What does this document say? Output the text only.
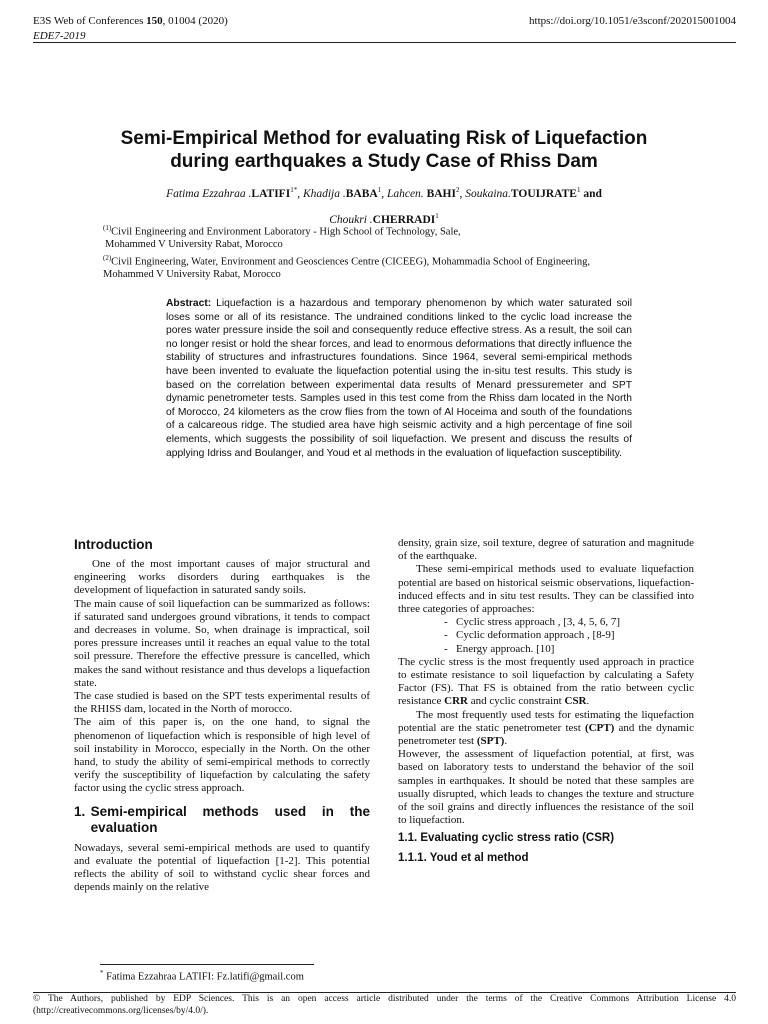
E3S Web of Conferences 150, 01004 (2020)
EDE7-2019
https://doi.org/10.1051/e3sconf/202015001004
Semi-Empirical Method for evaluating Risk of Liquefaction
during earthquakes a Study Case of Rhiss Dam
Fatima Ezzahraa $.LATIFI^{1*}$, Khadija .BABA$^1$, Lahcen. BAHI$^2$, Soukaina.TOUIJRATE$^1$ and
Choukri .CHERRADI$^1$
$^{(1)}$Civil Engineering and Environment Laboratory - High School of Technology, Sale,
Mohammed V University Rabat, Morocco
$^{(2)}$Civil Engineering, Water, Environment and Geosciences Centre (CICEEG), Mohammadia School of Engineering,
Mohammed V University Rabat, Morocco
Abstract: Liquefaction is a hazardous and temporary phenomenon by which water saturated soil loses some or all of its resistance. The undrained conditions linked to the cyclic load increase the pores water pressure inside the soil and consequently reduce effective stress. As a result, the soil can no longer resist or hold the shear forces, and lead to enormous deformations that directly influence the stability of structures and infrastructures foundations. Since 1964, several semi-empirical methods have been invented to evaluate the liquefaction potential using the in-situ test results. This study is based on the correlation between experimental data results of Menard pressuremeter and SPT dynamic penetrometer tests. Samples used in this test come from the Rhiss dam located in the North of Morocco, 24 kilometers as the crow flies from the town of Al Hoceima and south of the foundations of a calcareous ridge. The studied area have high seismic activity and a high percentage of fine soil elements, which suggests the possibility of soil liquefaction. We present and discuss the results of applying Idriss and Boulanger, and Youd et al methods in the evaluation of liquefaction susceptibility.
Introduction

One of the most important causes of major structural and engineering works disorders during earthquakes is the development of liquefaction in saturated sandy soils.

The main cause of soil liquefaction can be summarized as follows: if saturated sand undergoes ground vibrations, it tends to compact and decreases in volume. So, when drainage is impractical, soil pores pressure increases until it reaches an equal value to the total soil pressure. Therefore the effective pressure is cancelled, which makes the sand without resistance and thus develops a liquefaction state.

The case studied is based on the SPT tests experimental results of the RHISS dam, located in the North of morocco.

The aim of this paper is, on the one hand, to signal the phenomenon of liquefaction which is responsible of high level of soil instability in Morocco, especially in the North. On the other hand, to study the ability of semi-empirical methods to correctly verify the susceptibility of liquefaction by calculating the safety factor using the cyclic stress approach.

1. Semi-empirical methods used in the evaluation

Nowadays, several semi-empirical methods are used to quantify and evaluate the potential of liquefaction [1-2]. This potential reflects the ability of soil to withstand cyclic shear forces and depends mainly on the relative

density, grain size, soil texture, degree of saturation and magnitude of the earthquake.

These semi-empirical methods used to evaluate liquefaction potential are based on historical seismic observations, liquefaction-induced effects and in situ test results. They can be classified into three categories of approaches:

- Cyclic stress approach , [3, 4, 5, 6, 7]
- Cyclic deformation approach , [8-9]
- Energy approach. [10]

The cyclic stress is the most frequently used approach in practice to estimate resistance to soil liquefaction by calculating a Safety Factor (FS). That FS is obtained from the ratio between cyclic resistance CRR and cyclic constraint CSR.

The most frequently used tests for estimating the liquefaction potential are the static penetrometer test (CPT) and the dynamic penetrometer test (SPT).

However, the assessment of liquefaction potential, at first, was based on laboratory tests to understand the behavior of the soil samples in earthquakes. It should be noted that these samples are usually disrupted, which leads to changes the texture and structure of the soil grains and directly influences the resistance of the soil to liquefaction.

1.1. Evaluating cyclic stress ratio (CSR)
1.1.1. Youd et al method
* Fatima Ezzahraa LATIFI: Fz.latifi@gmail.com
© The Authors, published by EDP Sciences. This is an open access article distributed under the terms of the Creative Commons Attribution License 4.0 (http://creativecommons.org/licenses/by/4.0/).
